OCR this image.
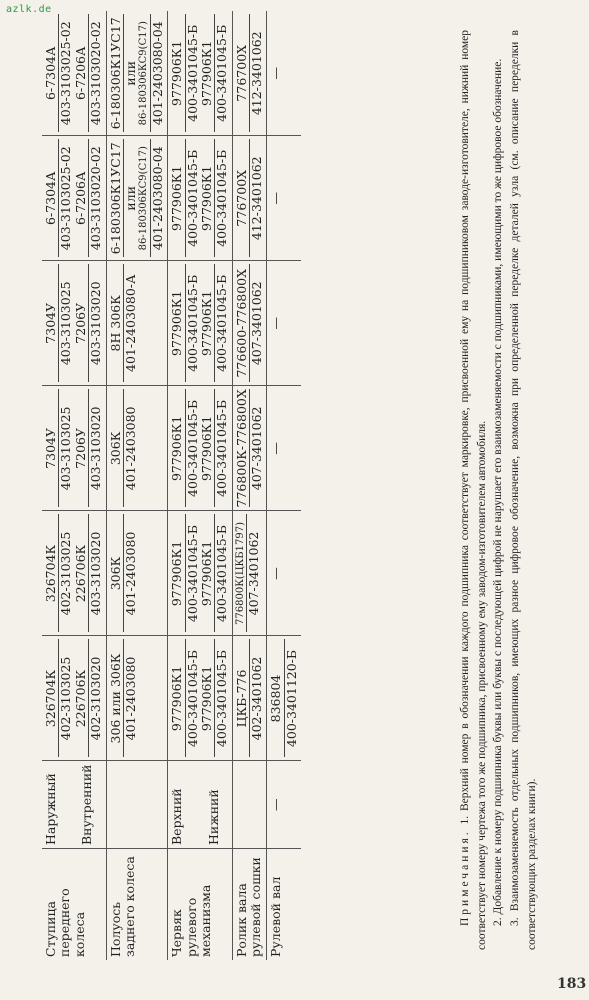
azlk.de
Ступица переднего колеса	Наружный Внутренний	326704К 402-3103025 226706К 402-3103020	326704К 402-3103025 226706К 403-3103020	7304У 403-3103025 7206У 403-3103020	7304У 403-3103025 7206У 403-3103020	6-7304А 403-3103025-02 6-7206А 403-3103020-02	6-7304А 403-3103025-02 6-7206А 403-3103020-02

Полуось заднего колеса		306 или 306К 401-2403080	306К 401-2403080	306К 401-2403080	8Н 306К 401-2403080-А	6-180306К1УС17 или 86-180306КС9(С17) 401-2403080-04	6-180306К1УС17 или 86-180306КС9(С17) 401-2403080-04

Червяк рулевого механизма	Верхний Нижний	977906К1 400-3401045-Б 977906К1 400-3401045-Б	977906К1 400-3401045-Б 977906К1 400-3401045-Б	977906К1 400-3401045-Б 977906К1 400-3401045-Б	977906К1 400-3401045-Б 977906К1 400-3401045-Б	977906К1 400-3401045-Б 977906К1 400-3401045-Б	977906К1 400-3401045-Б 977906К1 400-3401045-Б

Ролик вала рулевой сошки		ЦКБ-776 402-3401062	776800К(ЦКБ1797) 407-3401062	776800К-776800Х 407-3401062	776600-776800Х 407-3401062	776700Х 412-3401062	776700Х 412-3401062

Рулевой вал	—	836804 400-3401120-Б	—	—	—	—	—

Примечания. 1. Верхний номер в обозначении каждого подшипника соответствует маркировке, присвоенной ему на подшипниковом заводе-изготовителе, нижний номер соответствует номеру чертежа того же подшипника, присвоенному ему заводом-изготовителем автомобиля. 2. Добавление к номеру подшипника буквы или буквы с последующей цифрой не нарушает его взаимозаменяемости с подшипниками, имеющими то же цифровое обозначение. 3. Взаимозаменяемость отдельных подшипников, имеющих разное цифровое обозначение, возможна при определенной переделке деталей узла (см. описание переделки в соответствующих разделах книги).

183
